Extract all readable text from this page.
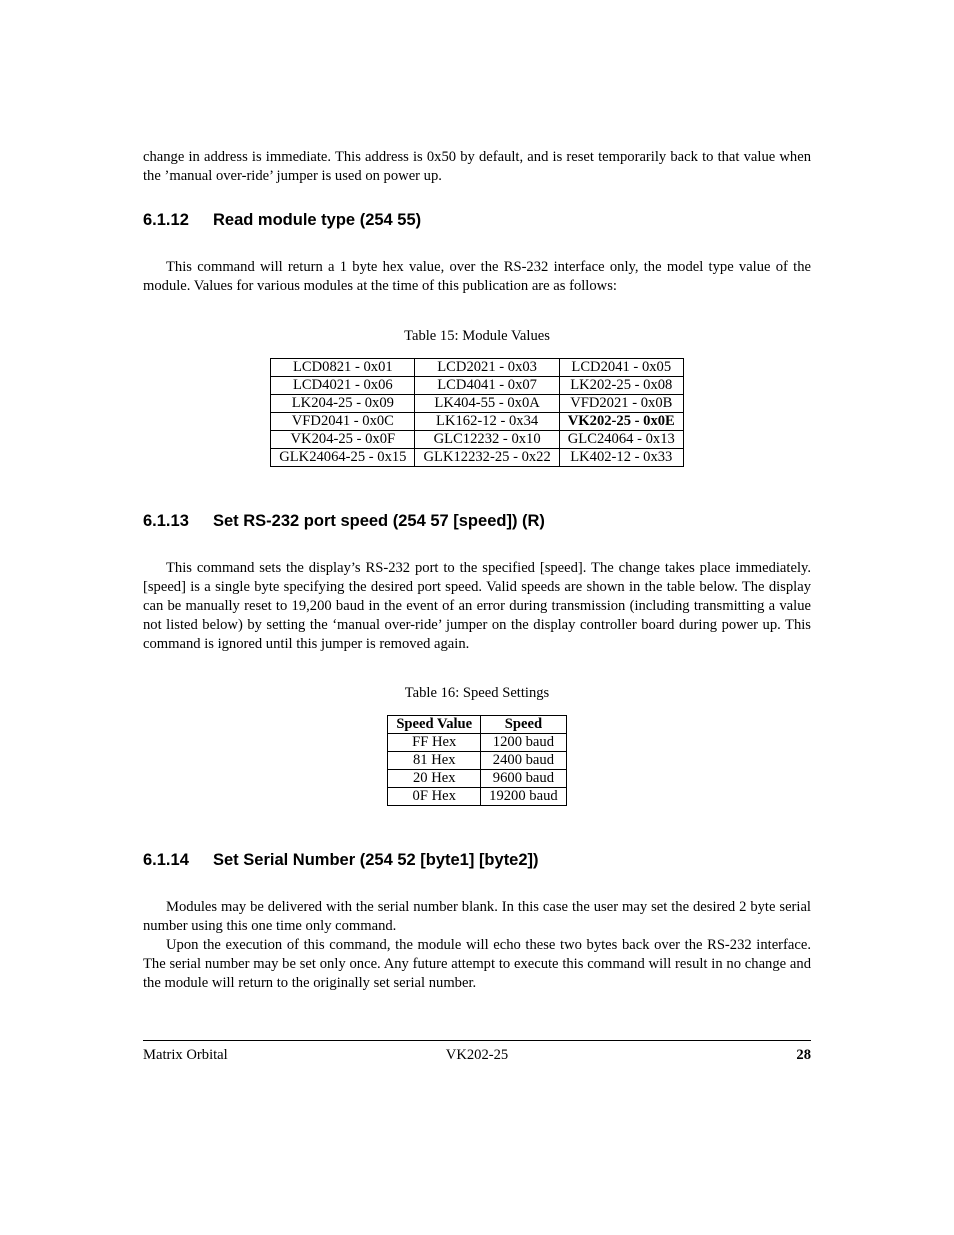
change in address is immediate. This address is 0x50 by default, and is reset temporarily back to that value when the ’manual over-ride’ jumper is used on power up.

6.1.12 Read module type (254 55)

This command will return a 1 byte hex value, over the RS-232 interface only, the model type value of the module. Values for various modules at the time of this publication are as follows:

Table 15: Module Values
LCD0821 - 0x01	LCD2021 - 0x03	LCD2041 - 0x05
LCD4021 - 0x06	LCD4041 - 0x07	LK202-25 - 0x08
LK204-25 - 0x09	LK404-55 - 0x0A	VFD2021 - 0x0B
VFD2041 - 0x0C	LK162-12 - 0x34	VK202-25 - 0x0E
VK204-25 - 0x0F	GLC12232 - 0x10	GLC24064 - 0x13
GLK24064-25 - 0x15	GLK12232-25 - 0x22	LK402-12 - 0x33
6.1.13 Set RS-232 port speed (254 57 [speed]) (R)

This command sets the display’s RS-232 port to the specified [speed]. The change takes place immediately. [speed] is a single byte specifying the desired port speed. Valid speeds are shown in the table below. The display can be manually reset to 19,200 baud in the event of an error during transmission (including transmitting a value not listed below) by setting the ‘manual over-ride’ jumper on the display controller board during power up. This command is ignored until this jumper is removed again.

Table 16: Speed Settings
Speed Value	Speed
FF Hex	1200 baud
81 Hex	2400 baud
20 Hex	9600 baud
0F Hex	19200 baud
6.1.14 Set Serial Number (254 52 [byte1] [byte2])

Modules may be delivered with the serial number blank. In this case the user may set the desired 2 byte serial number using this one time only command.

Upon the execution of this command, the module will echo these two bytes back over the RS-232 interface. The serial number may be set only once. Any future attempt to execute this command will result in no change and the module will return to the originally set serial number.

Matrix Orbital	VK202-25	28
